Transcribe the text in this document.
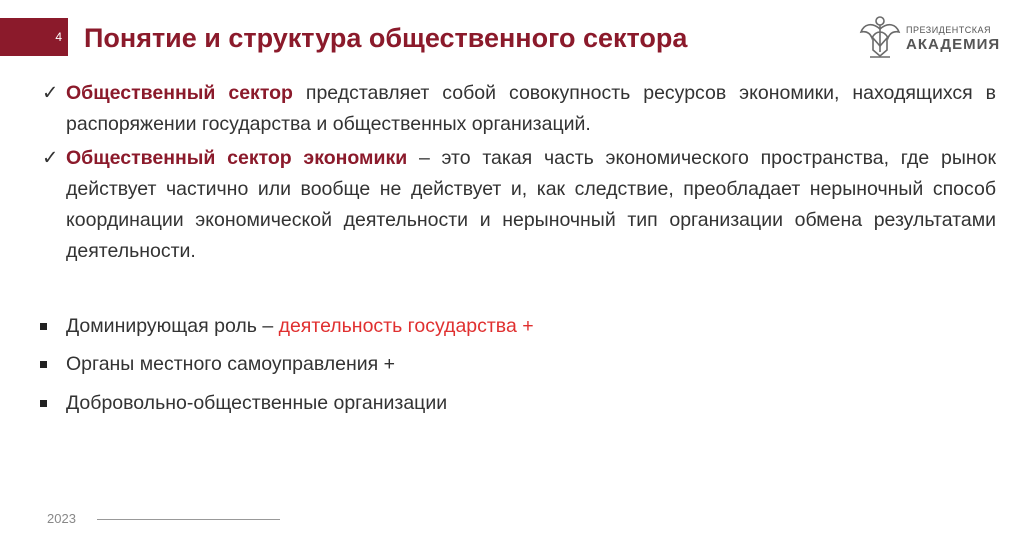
4 Понятие и структура общественного сектора	ПРЕЗИДЕНТСКАЯ
АКАДЕМИЯ
✓ Общественный сектор представляет собой совокупность ресурсов экономики, находящихся в распоряжении государства и общественных организаций.
✓ Общественный сектор экономики – это такая часть экономического пространства, где рынок действует частично или вообще не действует и, как следствие, преобладает нерыночный способ координации экономической деятельности и нерыночный тип организации обмена результатами деятельности.
Доминирующая роль – деятельность государства +
Органы местного самоуправления +
Добровольно-общественные организации
2023
